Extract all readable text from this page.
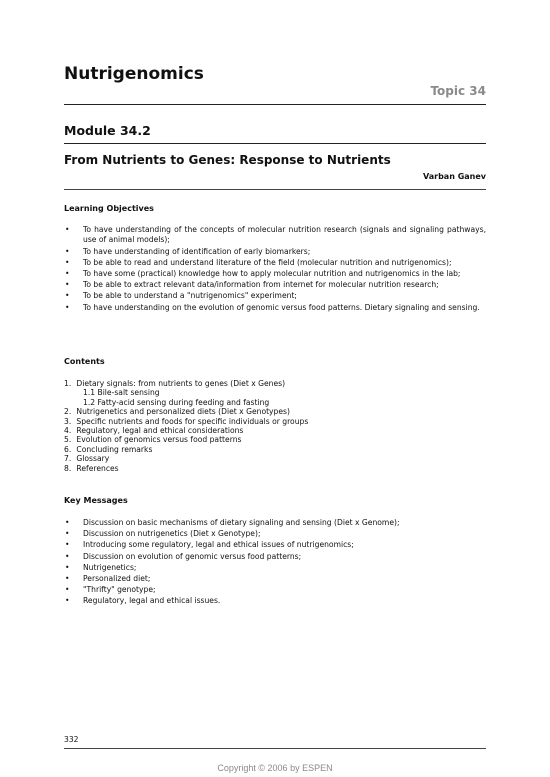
Nutrigenomics
Topic 34
Module 34.2
From Nutrients to Genes: Response to Nutrients
Varban Ganev
Learning Objectives
• To have understanding of the concepts of molecular nutrition research (signals and signaling pathways, use of animal models);
• To have understanding of identification of early biomarkers;
• To be able to read and understand literature of the field (molecular nutrition and nutrigenomics);
• To have some (practical) knowledge how to apply molecular nutrition and nutrigenomics in the lab;
• To be able to extract relevant data/information from internet for molecular nutrition research;
• To be able to understand a "nutrigenomics" experiment;
• To have understanding on the evolution of genomic versus food patterns. Dietary signaling and sensing.
Contents
1. Dietary signals: from nutrients to genes (Diet x Genes)
1.1 Bile-salt sensing
1.2 Fatty-acid sensing during feeding and fasting
2. Nutrigenetics and personalized diets (Diet x Genotypes)
3. Specific nutrients and foods for specific individuals or groups
4. Regulatory, legal and ethical considerations
5. Evolution of genomics versus food patterns
6. Concluding remarks
7. Glossary
8. References
Key Messages
• Discussion on basic mechanisms of dietary signaling and sensing (Diet x Genome);
• Discussion on nutrigenetics (Diet x Genotype);
• Introducing some regulatory, legal and ethical issues of nutrigenomics;
• Discussion on evolution of genomic versus food patterns;
• Nutrigenetics;
• Personalized diet;
• "Thrifty" genotype;
• Regulatory, legal and ethical issues.
332
Copyright © 2006 by ESPEN
